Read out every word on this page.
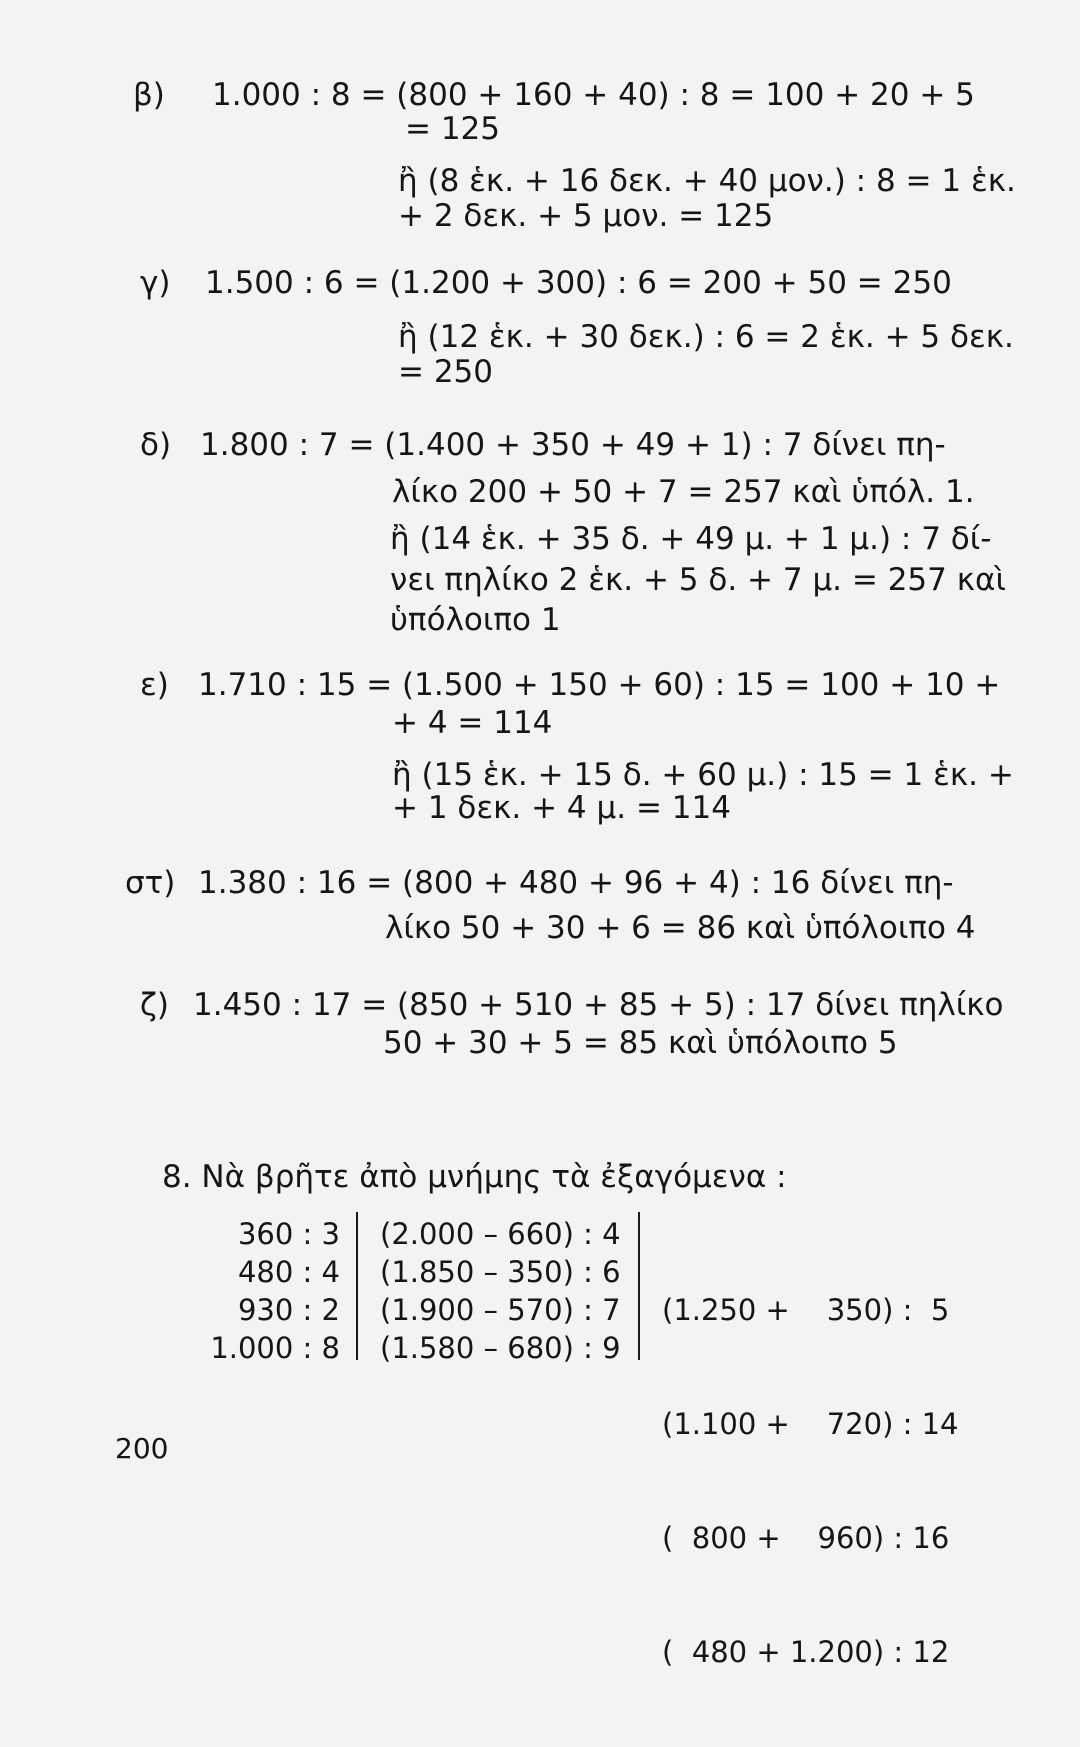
β) 1.000 : 8 = (800 + 160 + 40) : 8 = 100 + 20 + 5
= 125
ἢ (8 ἑκ. + 16 δεκ. + 40 μον.) : 8 = 1 ἑκ.
+ 2 δεκ. + 5 μον. = 125
γ) 1.500 : 6 = (1.200 + 300) : 6 = 200 + 50 = 250
ἢ (12 ἑκ. + 30 δεκ.) : 6 = 2 ἑκ. + 5 δεκ.
= 250
δ) 1.800 : 7 = (1.400 + 350 + 49 + 1) : 7 δίνει πη-
λίκο 200 + 50 + 7 = 257 καὶ ὑπόλ. 1.
ἢ (14 ἑκ. + 35 δ. + 49 μ. + 1 μ.) : 7 δί-
νει πηλίκο 2 ἑκ. + 5 δ. + 7 μ. = 257 καὶ
ὑπόλοιπο 1
ε) 1.710 : 15 = (1.500 + 150 + 60) : 15 = 100 + 10 +
+ 4 = 114
ἢ (15 ἑκ. + 15 δ. + 60 μ.) : 15 = 1 ἑκ. +
+ 1 δεκ. + 4 μ. = 114
στ) 1.380 : 16 = (800 + 480 + 96 + 4) : 16 δίνει πη-
λίκο 50 + 30 + 6 = 86 καὶ ὑπόλοιπο 4
ζ) 1.450 : 17 = (850 + 510 + 85 + 5) : 17 δίνει πηλίκο
50 + 30 + 5 = 85 καὶ ὑπόλοιπο 5
8. Νὰ βρῆτε ἀπὸ μνήμης τὰ ἐξαγόμενα :
360 : 3
480 : 4
930 : 2
1.000 : 8
(2.000 – 660) : 4
(1.850 – 350) : 6
(1.900 – 570) : 7
(1.580 – 680) : 9

(1.250 +    350) :  5

(1.100 +    720) : 14

(  800 +    960) : 16

(  480 + 1.200) : 12

200
